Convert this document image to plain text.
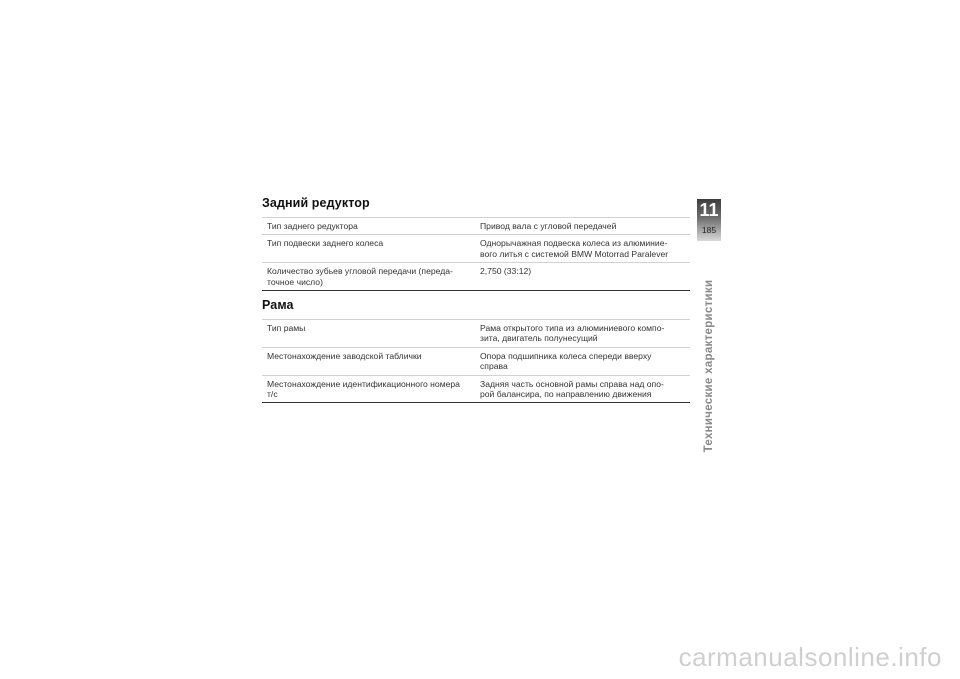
Задний редуктор
Тип заднего редуктора	Привод вала с угловой передачей
Тип подвески заднего колеса	Однорычажная подвеска колеса из алюминие-
вого литья с системой BMW Motorrad Paralever
Количество зубьев угловой передачи (переда-
точное число)	2,750 (33:12)
Рама
Тип рамы	Рама открытого типа из алюминиевого компо-
зита, двигатель полунесущий
Местонахождение заводской таблички	Опора подшипника колеса спереди вверху
справа
Местонахождение идентификационного номера
т/с	Задняя часть основной рамы справа над опо-
рой балансира, по направлению движения
11
185
Технические характеристики
carmanualsonline.info
